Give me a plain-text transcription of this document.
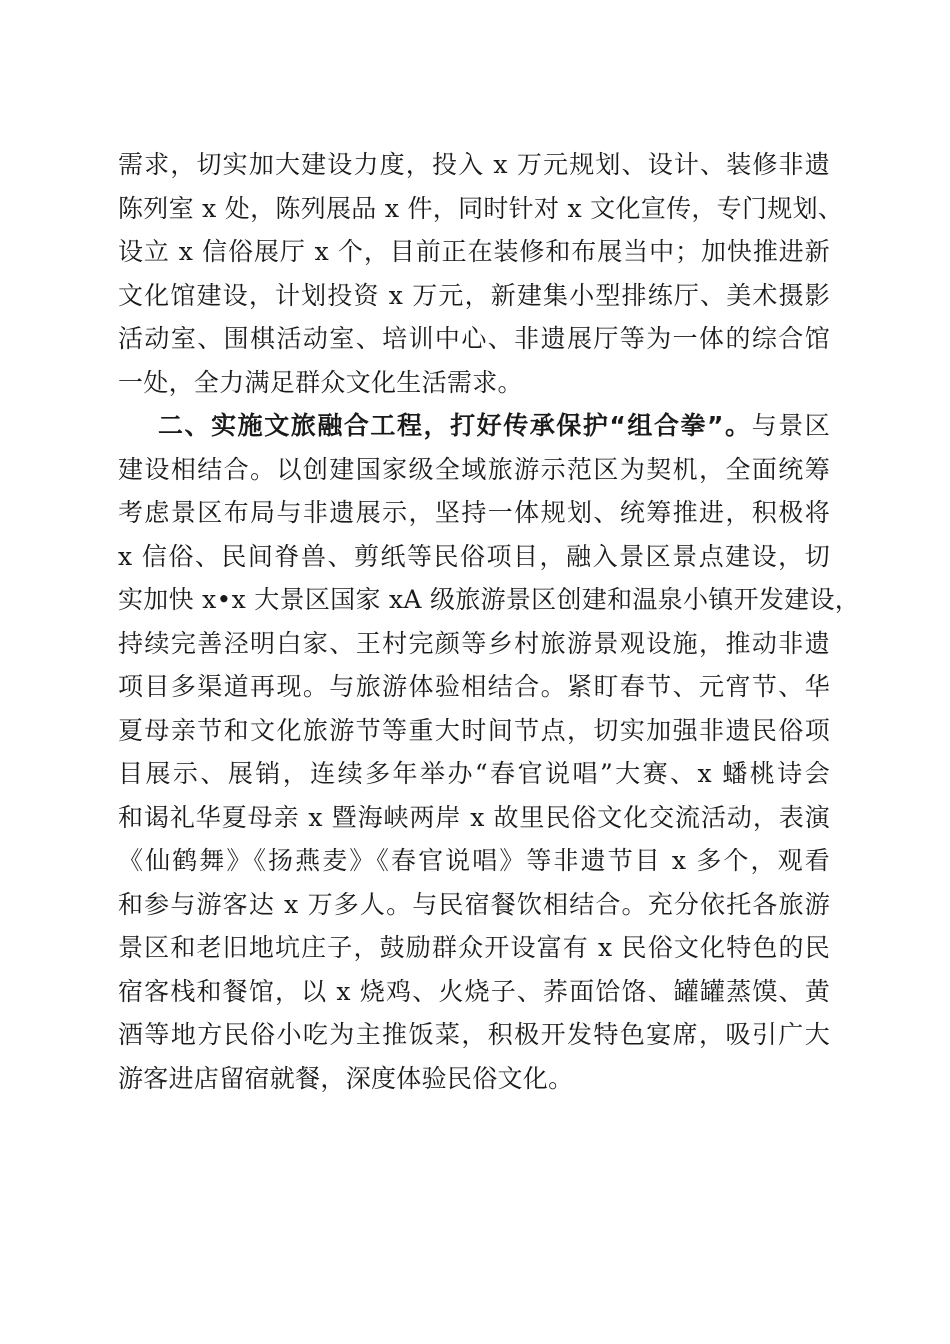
需求，切实加大建设力度，投入 x 万元规划、设计、装修非遗
陈列室 x 处，陈列展品 x 件，同时针对 x 文化宣传，专门规划、
设立 x 信俗展厅 x 个，目前正在装修和布展当中；加快推进新
文化馆建设，计划投资 x 万元，新建集小型排练厅、美术摄影
活动室、围棋活动室、培训中心、非遗展厅等为一体的综合馆
一处，全力满足群众文化生活需求。
二、实施文旅融合工程，打好传承保护“组合拳”。与景区
建设相结合。以创建国家级全域旅游示范区为契机，全面统筹
考虑景区布局与非遗展示，坚持一体规划、统筹推进，积极将
x 信俗、民间脊兽、剪纸等民俗项目，融入景区景点建设，切
实加快 x•x 大景区国家 xA 级旅游景区创建和温泉小镇开发建设，
持续完善泾明白家、王村完颜等乡村旅游景观设施，推动非遗
项目多渠道再现。与旅游体验相结合。紧盯春节、元宵节、华
夏母亲节和文化旅游节等重大时间节点，切实加强非遗民俗项
目展示、展销，连续多年举办“春官说唱”大赛、x 蟠桃诗会
和谒礼华夏母亲 x 暨海峡两岸 x 故里民俗文化交流活动，表演
《仙鹤舞》《扬燕麦》《春官说唱》等非遗节目 x 多个，观看
和参与游客达 x 万多人。与民宿餐饮相结合。充分依托各旅游
景区和老旧地坑庄子，鼓励群众开设富有 x 民俗文化特色的民
宿客栈和餐馆，以 x 烧鸡、火烧子、荞面饸饹、罐罐蒸馍、黄
酒等地方民俗小吃为主推饭菜，积极开发特色宴席，吸引广大
游客进店留宿就餐，深度体验民俗文化。
